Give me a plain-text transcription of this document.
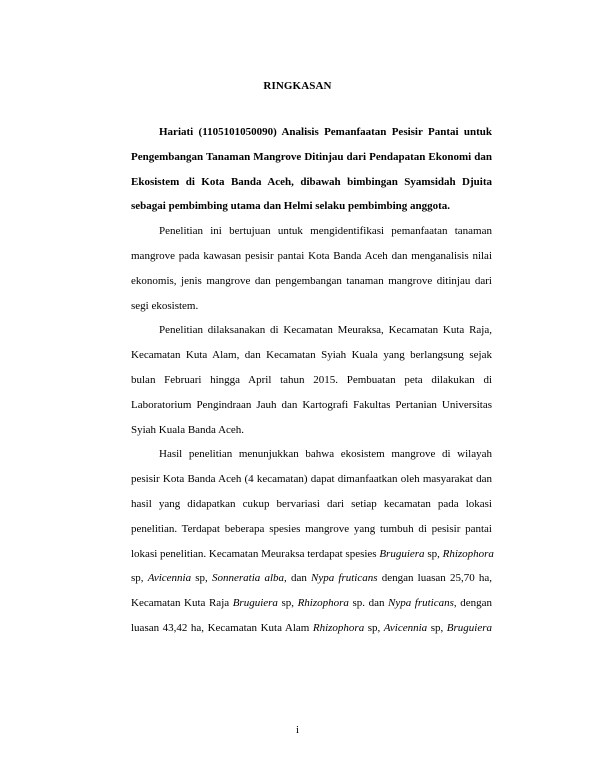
RINGKASAN

Hariati (1105101050090) Analisis Pemanfaatan Pesisir Pantai untuk
Pengembangan Tanaman Mangrove Ditinjau dari Pendapatan Ekonomi dan
Ekosistem di Kota Banda Aceh, dibawah bimbingan Syamsidah Djuita
sebagai pembimbing utama dan Helmi selaku pembimbing anggota.

Penelitian ini bertujuan untuk mengidentifikasi pemanfaatan tanaman
mangrove pada kawasan pesisir pantai Kota Banda Aceh dan menganalisis nilai
ekonomis, jenis mangrove dan pengembangan tanaman mangrove ditinjau dari
segi ekosistem.

Penelitian dilaksanakan di Kecamatan Meuraksa, Kecamatan Kuta Raja,
Kecamatan Kuta Alam, dan Kecamatan Syiah Kuala yang berlangsung sejak
bulan Februari hingga April tahun 2015. Pembuatan peta dilakukan di
Laboratorium Pengindraan Jauh dan Kartografi Fakultas Pertanian Universitas
Syiah Kuala Banda Aceh.

Hasil penelitian menunjukkan bahwa ekosistem mangrove di wilayah
pesisir Kota Banda Aceh (4 kecamatan) dapat dimanfaatkan oleh masyarakat dan
hasil yang didapatkan cukup bervariasi dari setiap kecamatan pada lokasi
penelitian. Terdapat beberapa spesies mangrove yang tumbuh di pesisir pantai
lokasi penelitian. Kecamatan Meuraksa terdapat spesies Bruguiera sp, Rhizophora
sp, Avicennia sp, Sonneratia alba, dan Nypa fruticans dengan luasan 25,70 ha,
Kecamatan Kuta Raja Bruguiera sp, Rhizophora sp. dan Nypa fruticans, dengan
luasan 43,42 ha, Kecamatan Kuta Alam Rhizophora sp, Avicennia sp, Bruguiera

i
